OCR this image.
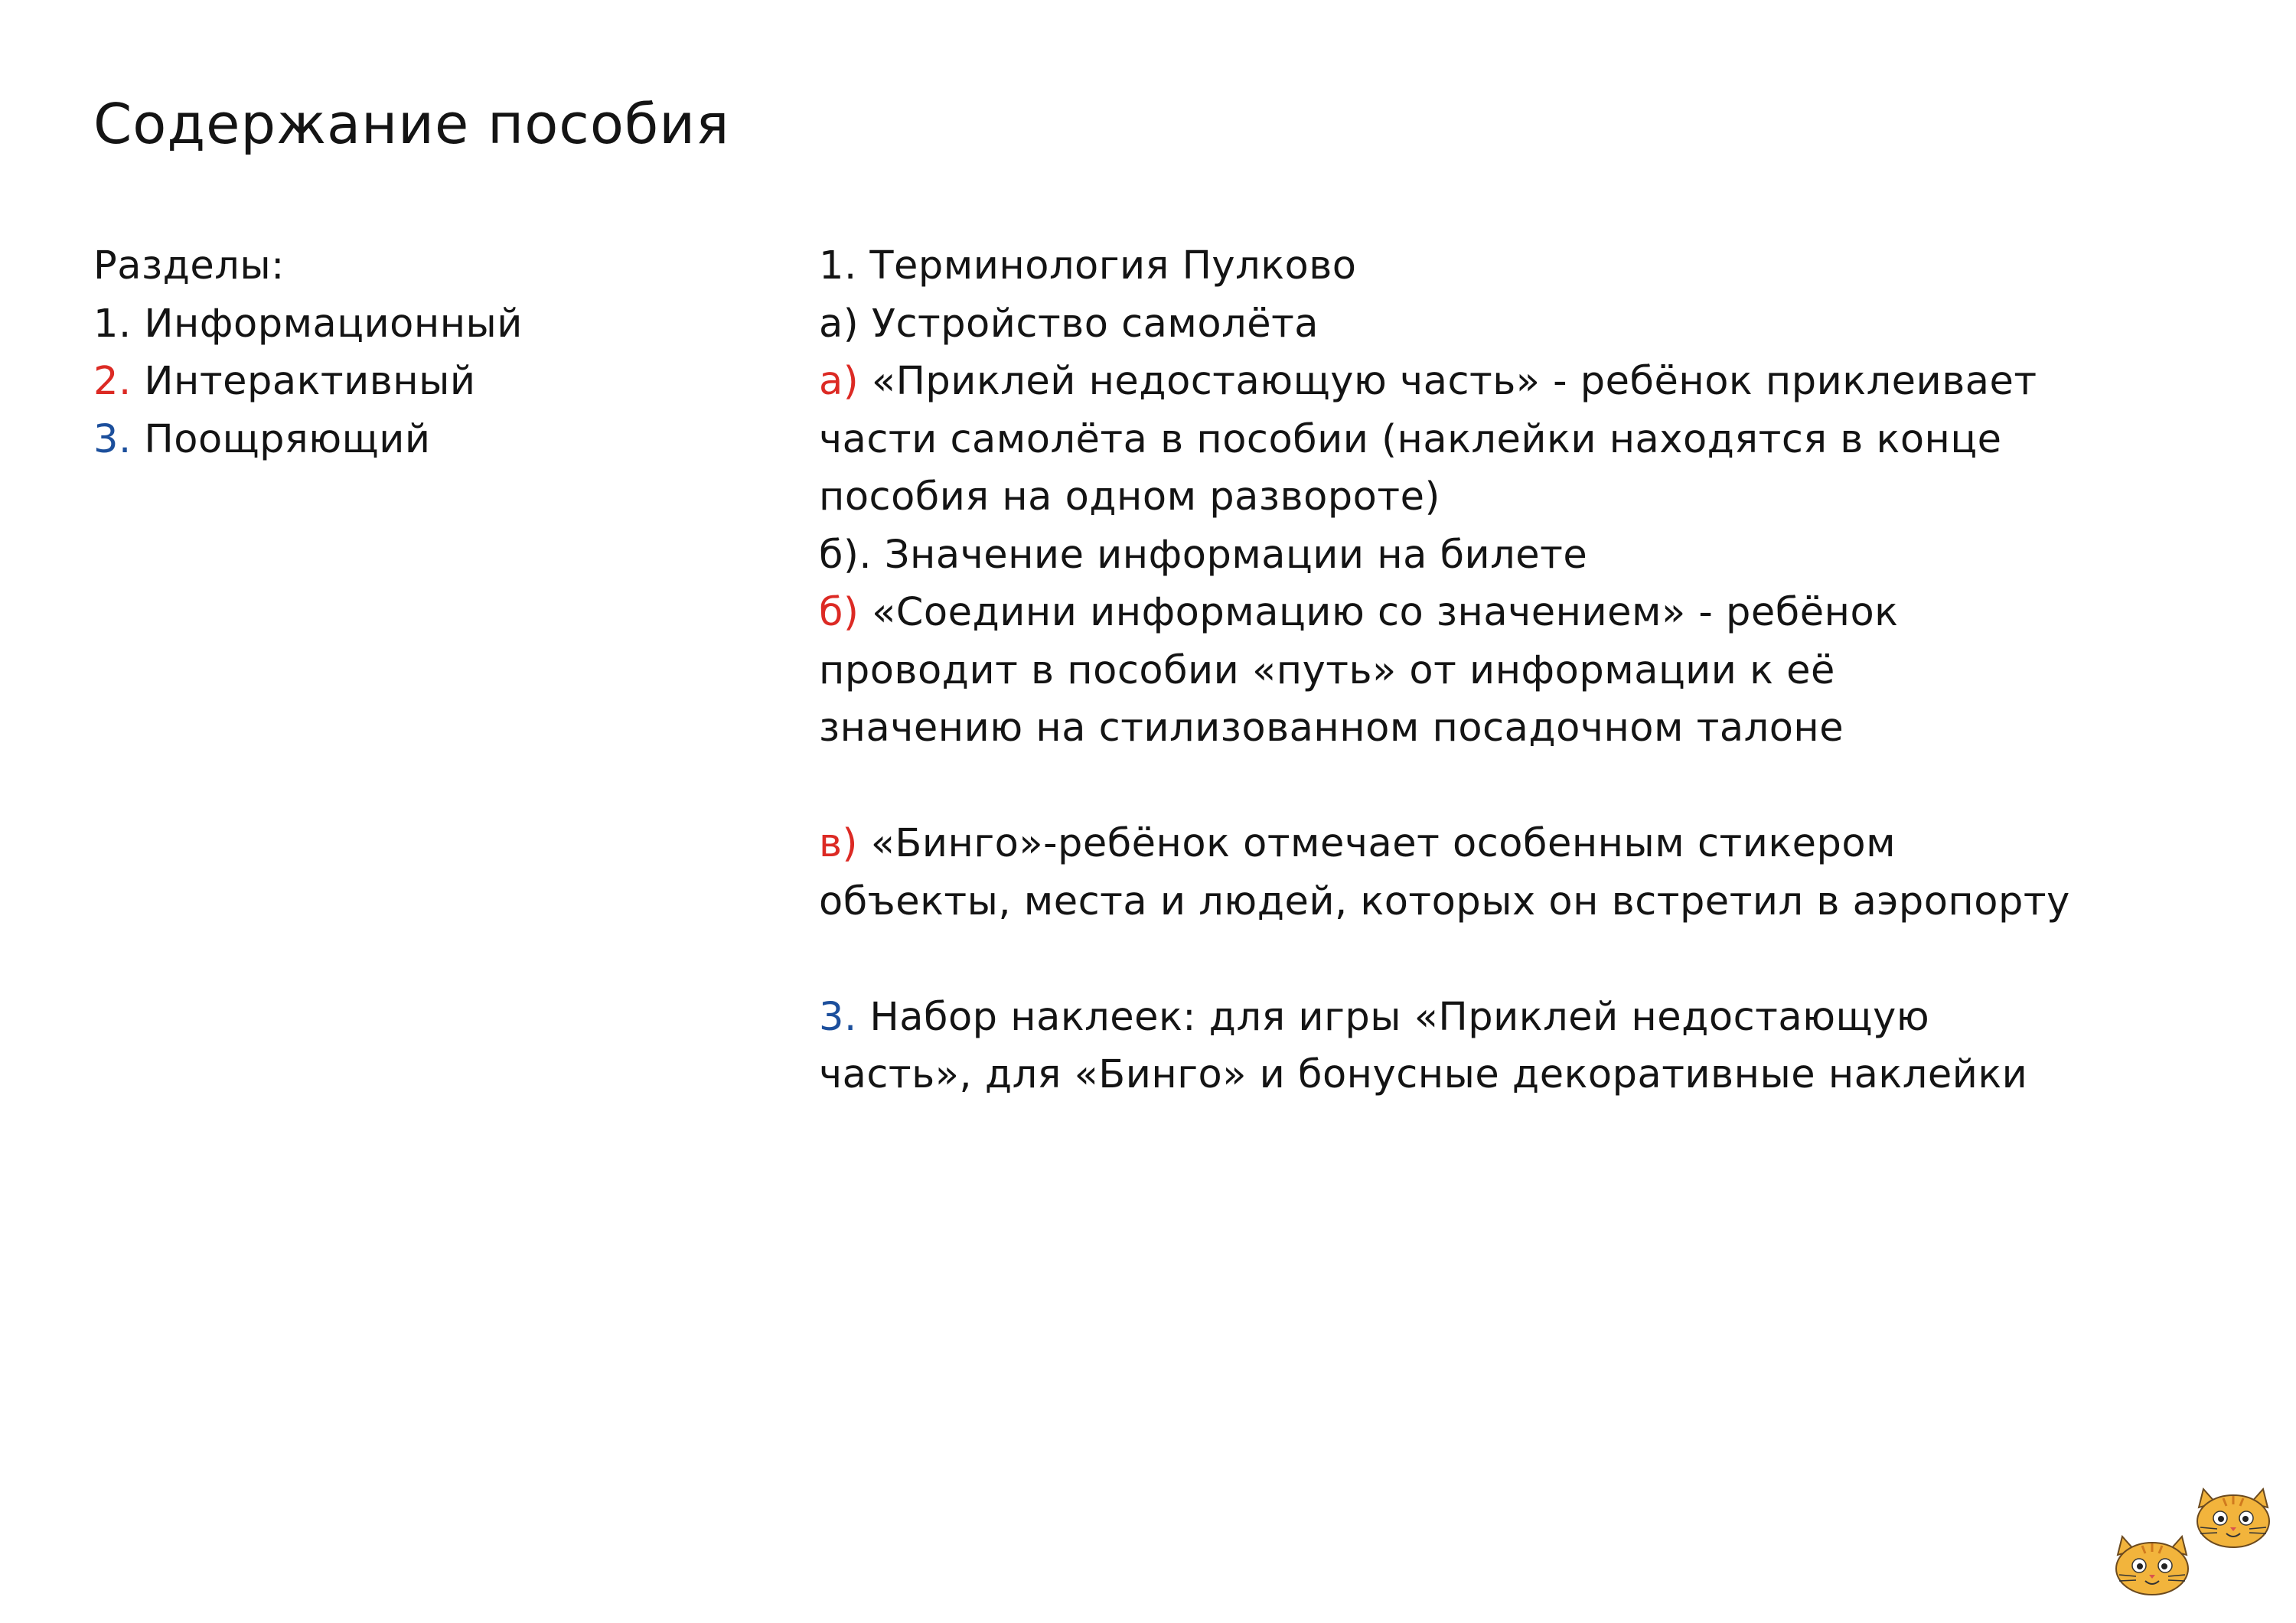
Содержание пособия
Разделы:
1. Информационный
2. Интерактивный
3. Поощряющий
1. Терминология Пулково
а) Устройство самолёта
а) «Приклей недостающую часть» - ребёнок приклеивает
части самолёта в пособии (наклейки находятся в конце
пособия на одном развороте)
б). Значение информации на билете
б) «Соедини информацию со значением» - ребёнок
проводит в пособии «путь» от информации к её
значению на стилизованном посадочном талоне
в) «Бинго»-ребёнок отмечает особенным стикером
объекты, места и людей, которых он встретил в аэропорту
3. Набор наклеек: для игры «Приклей недостающую
часть», для «Бинго» и бонусные декоративные наклейки
